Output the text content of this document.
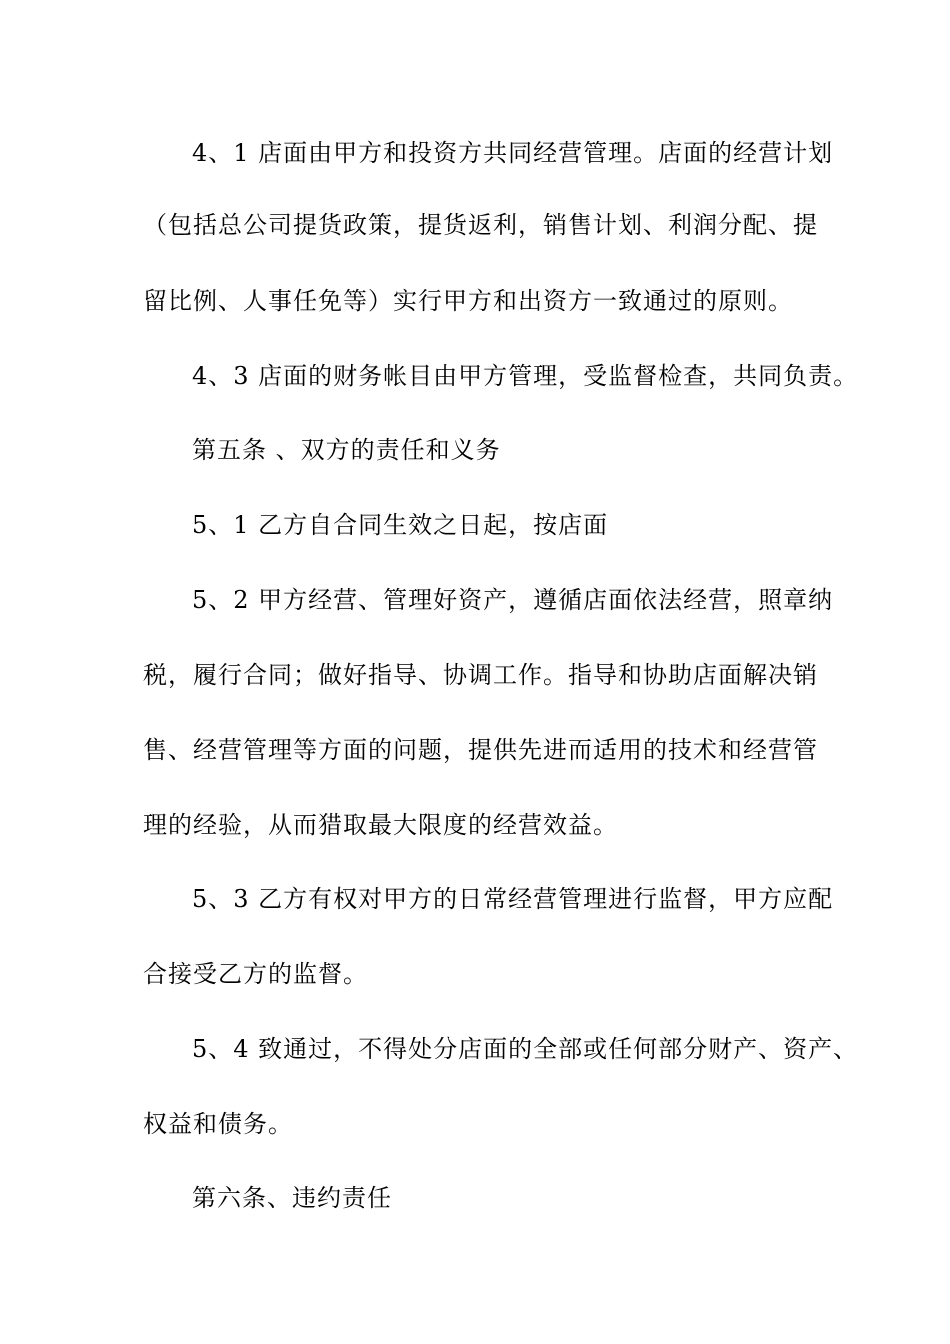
4、1 店面由甲方和投资方共同经营管理。店面的经营计划
（包括总公司提货政策，提货返利，销售计划、利润分配、提
留比例、人事任免等）实行甲方和出资方一致通过的原则。
4、3 店面的财务帐目由甲方管理，受监督检查，共同负责。
第五条 、双方的责任和义务
5、1 乙方自合同生效之日起，按店面
5、2 甲方经营、管理好资产，遵循店面依法经营，照章纳
税，履行合同；做好指导、协调工作。指导和协助店面解决销
售、经营管理等方面的问题，提供先进而适用的技术和经营管
理的经验，从而猎取最大限度的经营效益。
5、3 乙方有权对甲方的日常经营管理进行监督，甲方应配
合接受乙方的监督。
5、4 致通过，不得处分店面的全部或任何部分财产、资产、
权益和债务。
第六条、违约责任
